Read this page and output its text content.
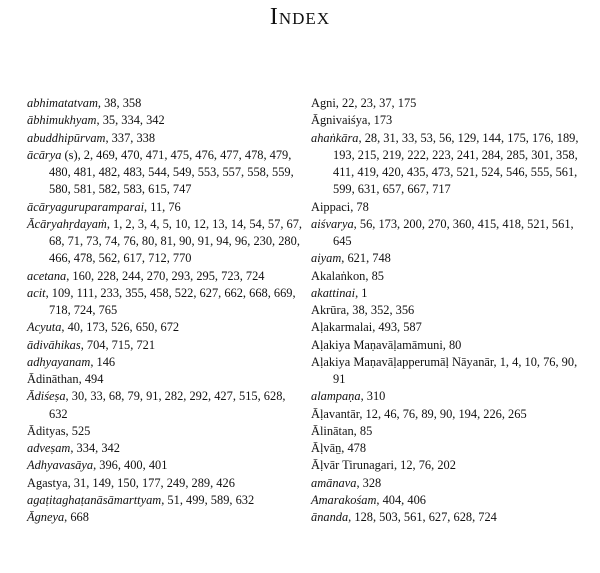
Index
abhimatatvam, 38, 358
ābhimukhyam, 35, 334, 342
abuddhipūrvam, 337, 338
ācārya (s), 2, 469, 470, 471, 475, 476, 477, 478, 479, 480, 481, 482, 483, 544, 549, 553, 557, 558, 559, 580, 581, 582, 583, 615, 747
ācāryaguruparamparai, 11, 76
Ācāryahṛdayaṁ, 1, 2, 3, 4, 5, 10, 12, 13, 14, 54, 57, 67, 68, 71, 73, 74, 76, 80, 81, 90, 91, 94, 96, 230, 280, 466, 478, 562, 617, 712, 770
acetana, 160, 228, 244, 270, 293, 295, 723, 724
acit, 109, 111, 233, 355, 458, 522, 627, 662, 668, 669, 718, 724, 765
Acyuta, 40, 173, 526, 650, 672
ādivāhikas, 704, 715, 721
adhyayanam, 146
Ādināthan, 494
Ādiśeṣa, 30, 33, 68, 79, 91, 282, 292, 427, 515, 628, 632
Ādityas, 525
adveṣam, 334, 342
Adhyavasāya, 396, 400, 401
Agastya, 31, 149, 150, 177, 249, 289, 426
agaṭitaghaṭanāsāmarttyam, 51, 499, 589, 632
Āgneya, 668
Agni, 22, 23, 37, 175
Āgnivaiśya, 173
ahaṅkāra, 28, 31, 33, 53, 56, 129, 144, 175, 176, 189, 193, 215, 219, 222, 223, 241, 284, 285, 301, 358, 411, 419, 420, 435, 473, 521, 524, 546, 555, 561, 599, 631, 657, 667, 717
Aippaci, 78
aiśvarya, 56, 173, 200, 270, 360, 415, 418, 521, 561, 645
aiyam, 621, 748
Akalaṅkon, 85
akattinai, 1
Akrūra, 38, 352, 356
Aḷakarmalai, 493, 587
Aḷakiya Maṇavāḷamāmuni, 80
Aḷakiya Maṇavāḷapperumāḷ Nāyanār, 1, 4, 10, 76, 90, 91
alampaṇa, 310
Āḷavantār, 12, 46, 76, 89, 90, 194, 226, 265
Ālinātan, 85
Āḷvāṉ, 478
Āḷvār Tirunagari, 12, 76, 202
amānava, 328
Amarakośam, 404, 406
ānanda, 128, 503, 561, 627, 628, 724
